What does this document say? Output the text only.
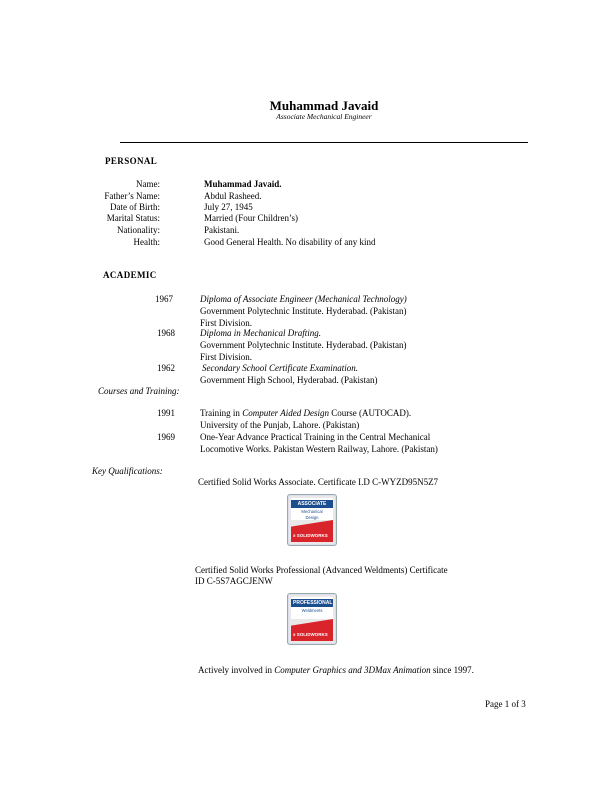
Muhammad Javaid
Associate Mechanical Engineer
PERSONAL
Name:	Muhammad Javaid.
Father’s Name:	Abdul Rasheed.
Date of Birth:	July 27, 1945
Marital Status:	Married (Four Children’s)
Nationality:	Pakistani.
Health:	Good General Health. No disability of any kind
ACADEMIC
1967	Diploma of Associate Engineer (Mechanical Technology)
Government Polytechnic Institute. Hyderabad. (Pakistan)
First Division.
1968	Diploma in Mechanical Drafting.
Government Polytechnic Institute. Hyderabad. (Pakistan)
First Division.
1962	Secondary School Certificate Examination.
Government High School, Hyderabad. (Pakistan)
Courses and Training:
1991	Training in Computer Aided Design Course (AUTOCAD).
University of the Punjab, Lahore. (Pakistan)
1969	One-Year Advance Practical Training in the Central Mechanical
Locomotive Works. Pakistan Western Railway, Lahore. (Pakistan)
Key Qualifications:
Certified Solid Works Associate. Certificate I.D C-WYZD95N5Z7
ASSOCIATE
Mechanical
Design
ƨ SOLIDWORKS
Certified Solid Works Professional (Advanced Weldments) Certificate
ID C-5S7AGCJENW
PROFESSIONAL
Weldments
ƨ SOLIDWORKS
Actively involved in Computer Graphics and 3DMax Animation since 1997.
Page 1 of 3
